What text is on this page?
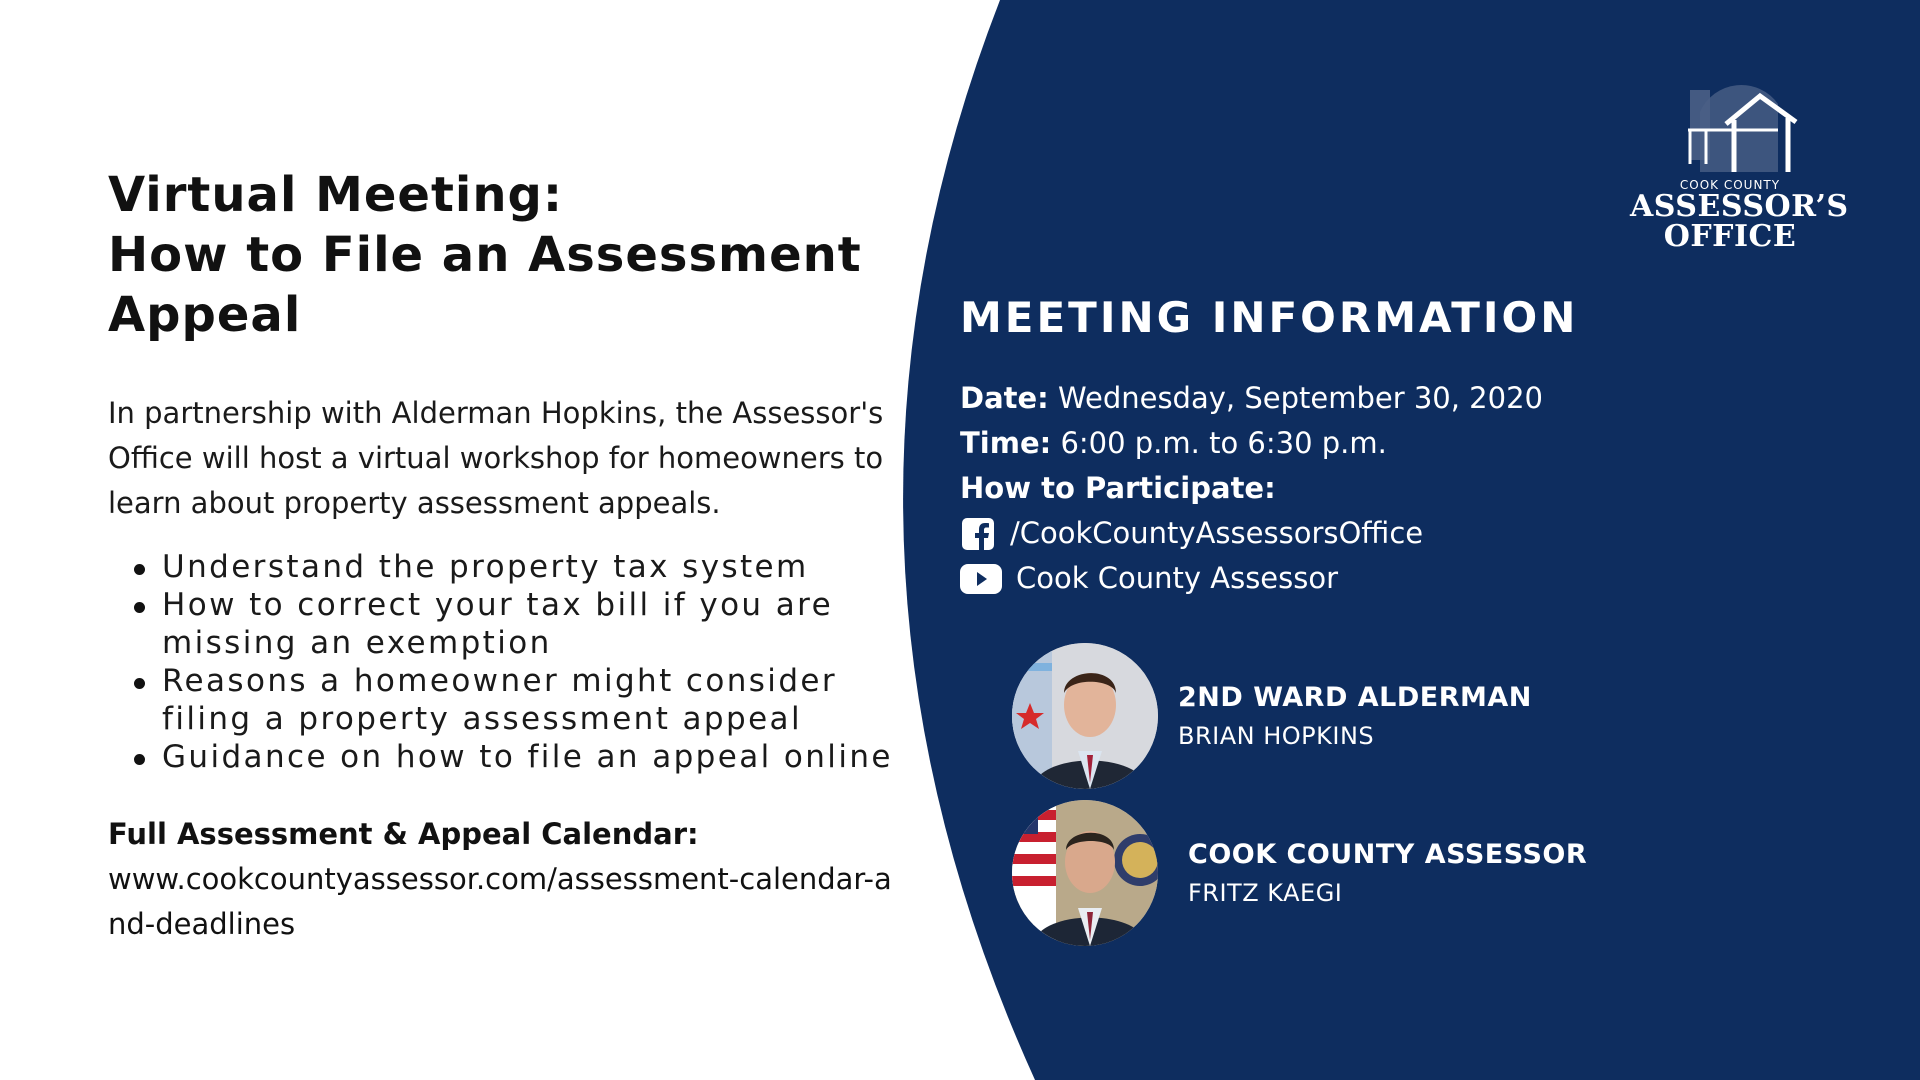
Virtual Meeting:
How to File an Assessment
Appeal

In partnership with Alderman Hopkins, the Assessor's Office will host a virtual workshop for homeowners to learn about property assessment appeals.

Understand the property tax system
How to correct your tax bill if you are missing an exemption
Reasons a homeowner might consider filing a property assessment appeal
Guidance on how to file an appeal online
Full Assessment & Appeal Calendar:
www.cookcountyassessor.com/assessment-calendar-and-deadlines
COOK COUNTY
ASSESSOR’S
OFFICE
MEETING INFORMATION
Date: Wednesday, September 30, 2020
Time: 6:00 p.m. to 6:30 p.m.
How to Participate:
/CookCountyAssessorsOffice
Cook County Assessor
2ND WARD ALDERMAN
BRIAN HOPKINS
COOK COUNTY ASSESSOR
FRITZ KAEGI
